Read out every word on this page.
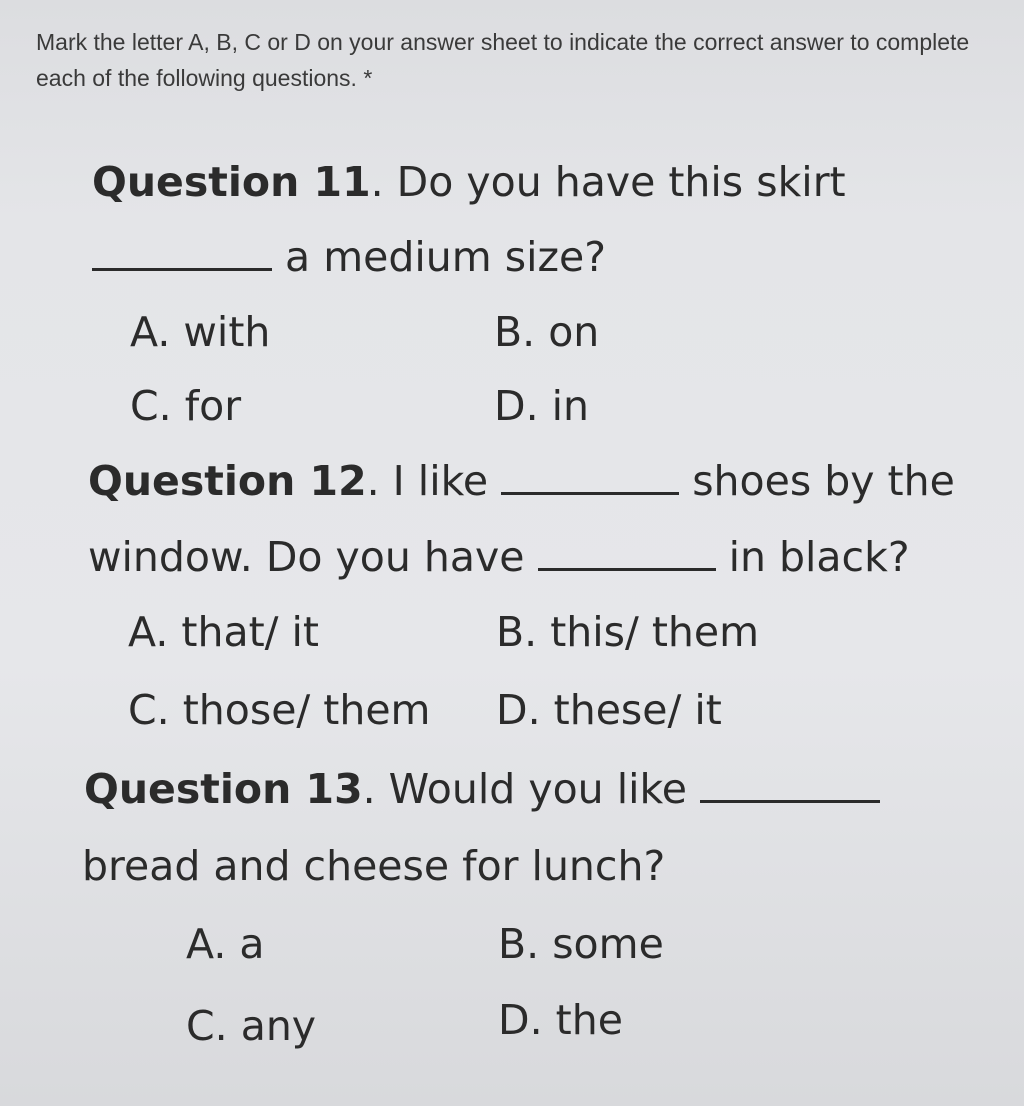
Mark the letter A, B, C or D on your answer sheet to indicate the correct answer to complete each of the following questions. *

Question 11. Do you have this skirt
a medium size?
A. with	B. on
C. for	D. in
Question 12. I like	shoes by the
window. Do you have	in black?
A. that/ it	B. this/ them
C. those/ them D. these/ it
Question 13. Would you like
bread and cheese for lunch?
A. a	B. some
C. any	D. the
